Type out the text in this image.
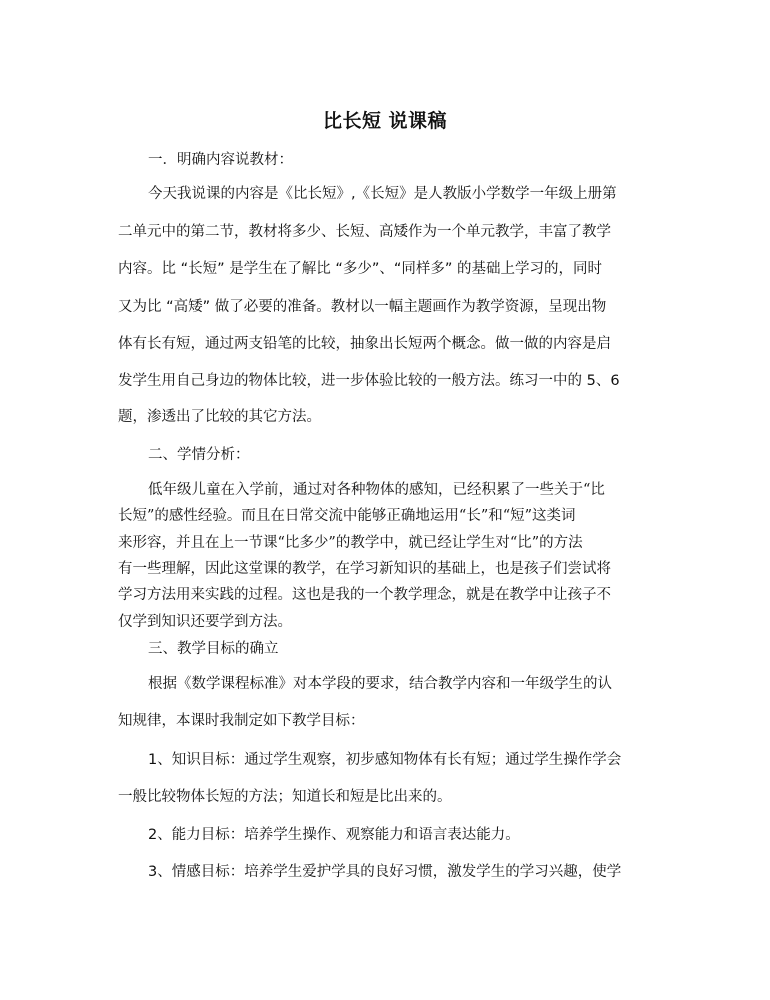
比长短 说课稿
一．明确内容说教材：
今天我说课的内容是《比长短》,《长短》是人教版小学数学一年级上册第
二单元中的第二节，教材将多少、长短、高矮作为一个单元教学，丰富了教学
内容。比 “长短” 是学生在了解比 “多少”、“同样多” 的基础上学习的，同时
又为比 “高矮” 做了必要的准备。教材以一幅主题画作为教学资源，呈现出物
体有长有短，通过两支铅笔的比较，抽象出长短两个概念。做一做的内容是启
发学生用自己身边的物体比较，进一步体验比较的一般方法。练习一中的 5、6
题，渗透出了比较的其它方法。
二、学情分析：
低年级儿童在入学前，通过对各种物体的感知，已经积累了一些关于“比
长短”的感性经验。而且在日常交流中能够正确地运用“长”和“短”这类词
来形容，并且在上一节课“比多少”的教学中，就已经让学生对“比”的方法
有一些理解，因此这堂课的教学，在学习新知识的基础上，也是孩子们尝试将
学习方法用来实践的过程。这也是我的一个教学理念，就是在教学中让孩子不
仅学到知识还要学到方法。
三、教学目标的确立
根据《数学课程标准》对本学段的要求，结合教学内容和一年级学生的认
知规律，本课时我制定如下教学目标：
1、知识目标：通过学生观察，初步感知物体有长有短；通过学生操作学会
一般比较物体长短的方法；知道长和短是比出来的。
2、能力目标：培养学生操作、观察能力和语言表达能力。
3、情感目标：培养学生爱护学具的良好习惯，激发学生的学习兴趣，使学
